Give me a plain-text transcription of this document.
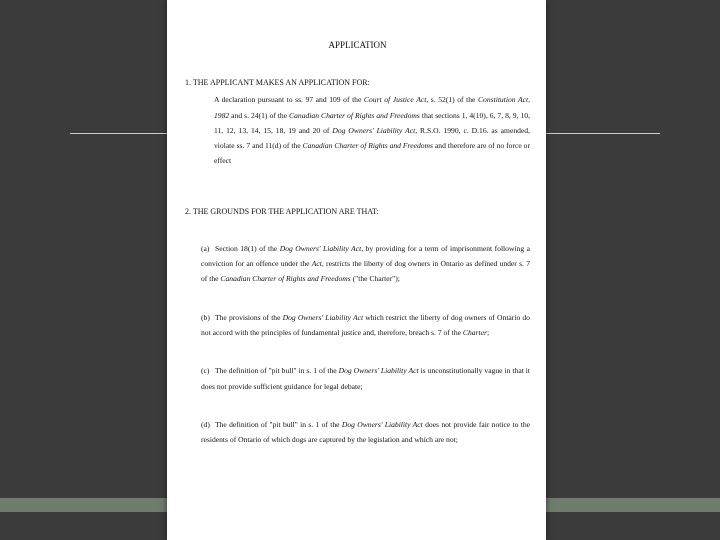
APPLICATION
1. THE APPLICANT MAKES AN APPLICATION FOR:
A declaration pursuant to ss. 97 and 109 of the Court of Justice Act, s. 52(1) of the Constitution Act, 1982 and s. 24(1) of the Canadian Charter of Rights and Freedoms that sections 1, 4(10), 6, 7, 8, 9, 10, 11, 12, 13, 14, 15, 18, 19 and 20 of Dog Owners' Liability Act, R.S.O. 1990, c. D.16. as amended, violate ss. 7 and 11(d) of the Canadian Charter of Rights and Freedoms and therefore are of no force or effect
2. THE GROUNDS FOR THE APPLICATION ARE THAT:
(a) Section 18(1) of the Dog Owners' Liability Act, by providing for a term of imprisonment following a conviction for an offence under the Act, restricts the liberty of dog owners in Ontario as defined under s. 7 of the Canadian Charter of Rights and Freedoms ("the Charter");
(b) The provisions of the Dog Owners' Liability Act which restrict the liberty of dog owners of Ontario do not accord with the principles of fundamental justice and, therefore, breach s. 7 of the Charter;
(c) The definition of "pit bull" in s. 1 of the Dog Owners' Liability Act is unconstitutionally vague in that it does not provide sufficient guidance for legal debate;
(d) The definition of "pit bull" in s. 1 of the Dog Owners' Liability Act does not provide fair notice to the residents of Ontario of which dogs are captured by the legislation and which are not;
